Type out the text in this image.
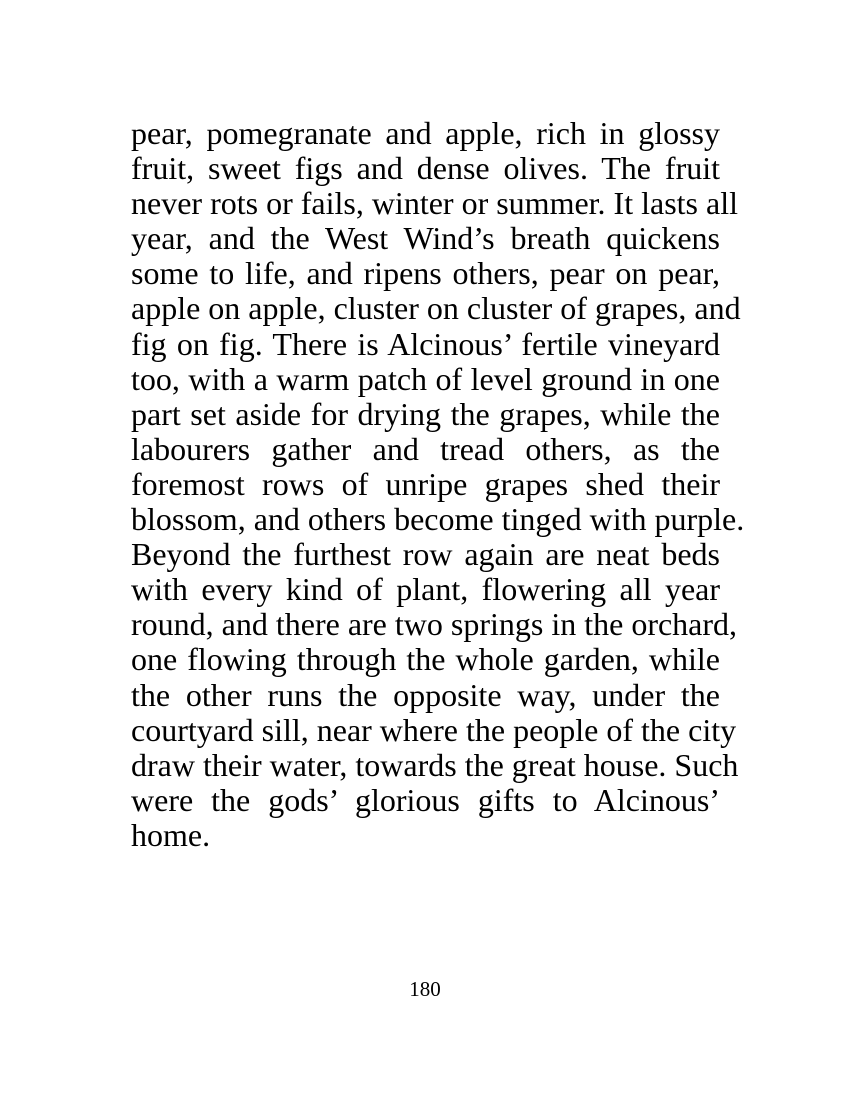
pear, pomegranate and apple, rich in glossy
fruit, sweet figs and dense olives. The fruit
never rots or fails, winter or summer. It lasts all
year, and the West Wind’s breath quickens
some to life, and ripens others, pear on pear,
apple on apple, cluster on cluster of grapes, and
fig on fig. There is Alcinous’ fertile vineyard
too, with a warm patch of level ground in one
part set aside for drying the grapes, while the
labourers gather and tread others, as the
foremost rows of unripe grapes shed their
blossom, and others become tinged with purple.
Beyond the furthest row again are neat beds
with every kind of plant, flowering all year
round, and there are two springs in the orchard,
one flowing through the whole garden, while
the other runs the opposite way, under the
courtyard sill, near where the people of the city
draw their water, towards the great house. Such
were the gods’ glorious gifts to Alcinous’
home.

180
